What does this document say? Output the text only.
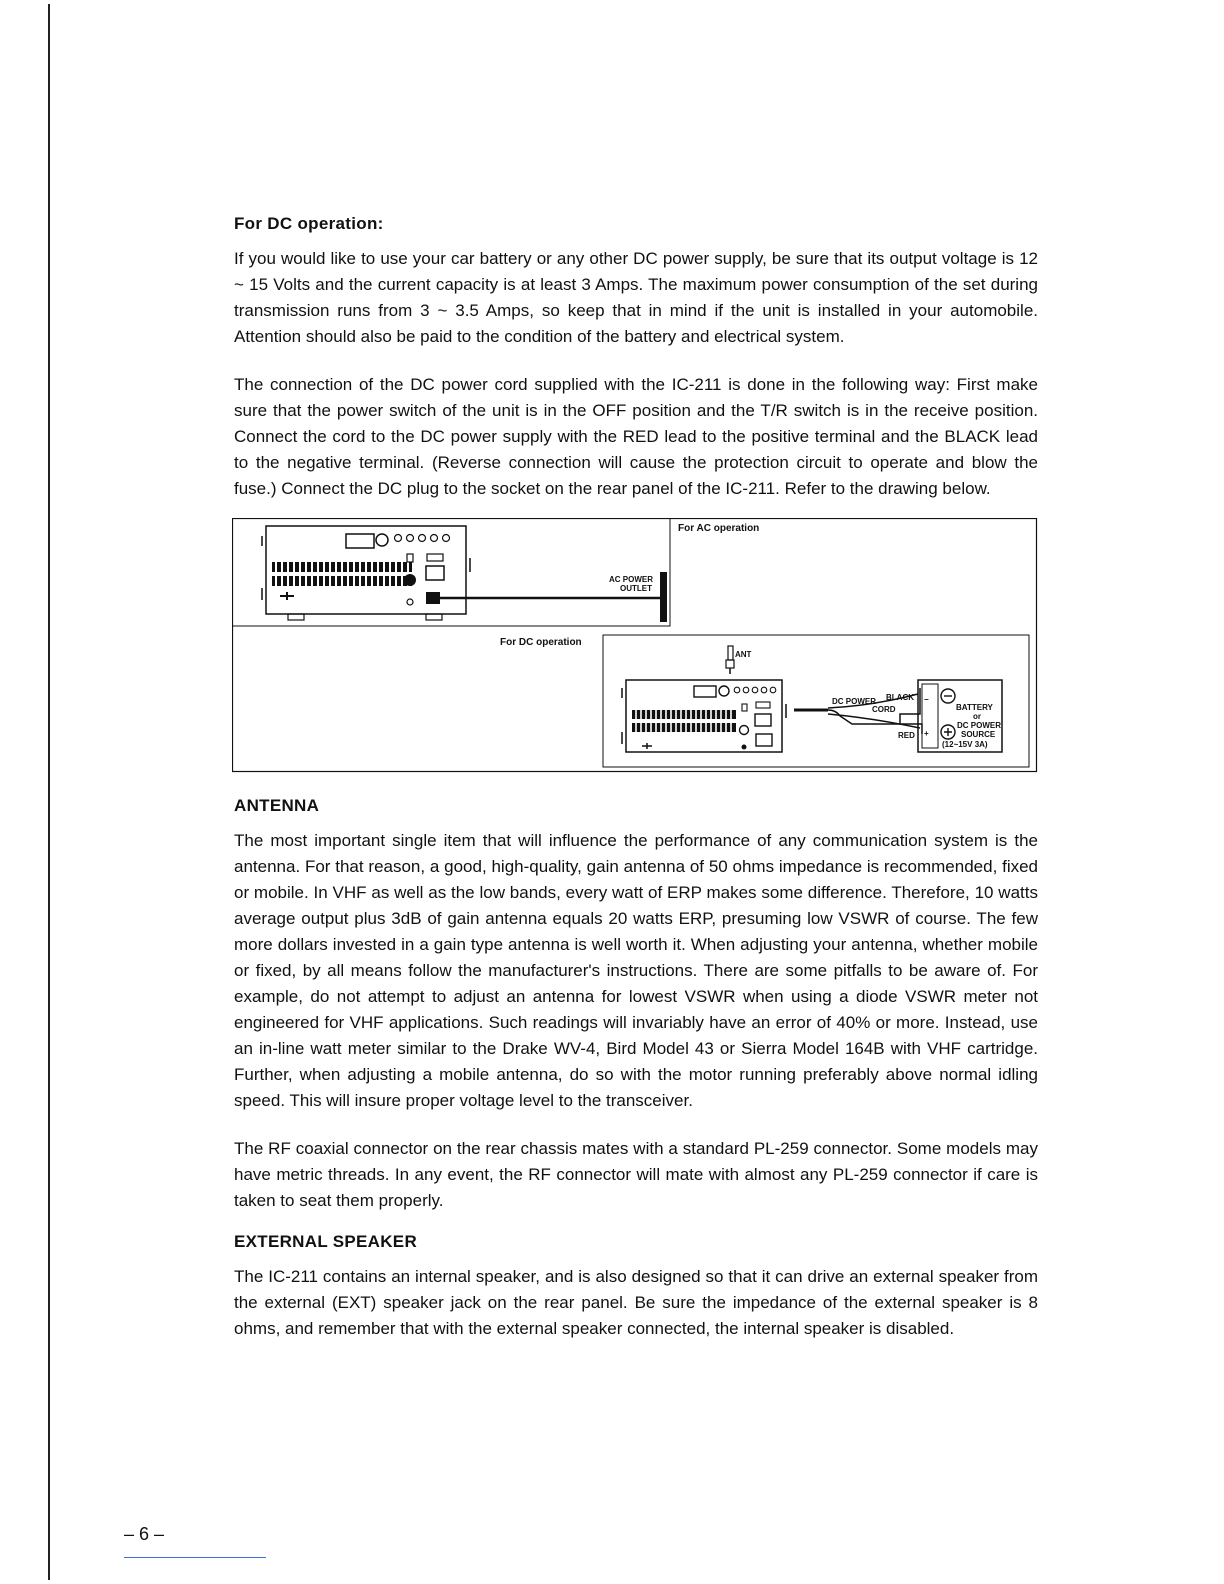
For DC operation:

If you would like to use your car battery or any other DC power supply, be sure that its output voltage is 12 ~ 15 Volts and the current capacity is at least 3 Amps. The maximum power consumption of the set during transmission runs from 3 ~ 3.5 Amps, so keep that in mind if the unit is installed in your automobile. Attention should also be paid to the condition of the battery and electrical system.

The connection of the DC power cord supplied with the IC-211 is done in the following way: First make sure that the power switch of the unit is in the OFF position and the T/R switch is in the receive position. Connect the cord to the DC power supply with the RED lead to the positive terminal and the BLACK lead to the negative terminal. (Reverse connection will cause the protection circuit to operate and blow the fuse.) Connect the DC plug to the socket on the rear panel of the IC-211. Refer to the drawing below.

For AC operation
AC POWER
OUTLET
For DC operation
ANT
DC POWER
CORD
BLACK
RED
−
+
BATTERY
or
DC POWER
SOURCE
(12~15V 3A)

ANTENNA

The most important single item that will influence the performance of any communication system is the antenna. For that reason, a good, high-quality, gain antenna of 50 ohms impedance is recommended, fixed or mobile. In VHF as well as the low bands, every watt of ERP makes some difference. Therefore, 10 watts average output plus 3dB of gain antenna equals 20 watts ERP, presuming low VSWR of course. The few more dollars invested in a gain type antenna is well worth it. When adjusting your antenna, whether mobile or fixed, by all means follow the manufacturer's instructions. There are some pitfalls to be aware of. For example, do not attempt to adjust an antenna for lowest VSWR when using a diode VSWR meter not engineered for VHF applications. Such readings will invariably have an error of 40% or more. Instead, use an in-line watt meter similar to the Drake WV-4, Bird Model 43 or Sierra Model 164B with VHF cartridge. Further, when adjusting a mobile antenna, do so with the motor running preferably above normal idling speed. This will insure proper voltage level to the transceiver.

The RF coaxial connector on the rear chassis mates with a standard PL-259 connector. Some models may have metric threads. In any event, the RF connector will mate with almost any PL-259 connector if care is taken to seat them properly.

EXTERNAL SPEAKER

The IC-211 contains an internal speaker, and is also designed so that it can drive an external speaker from the external (EXT) speaker jack on the rear panel. Be sure the impedance of the external speaker is 8 ohms, and remember that with the external speaker connected, the internal speaker is disabled.

– 6 –
